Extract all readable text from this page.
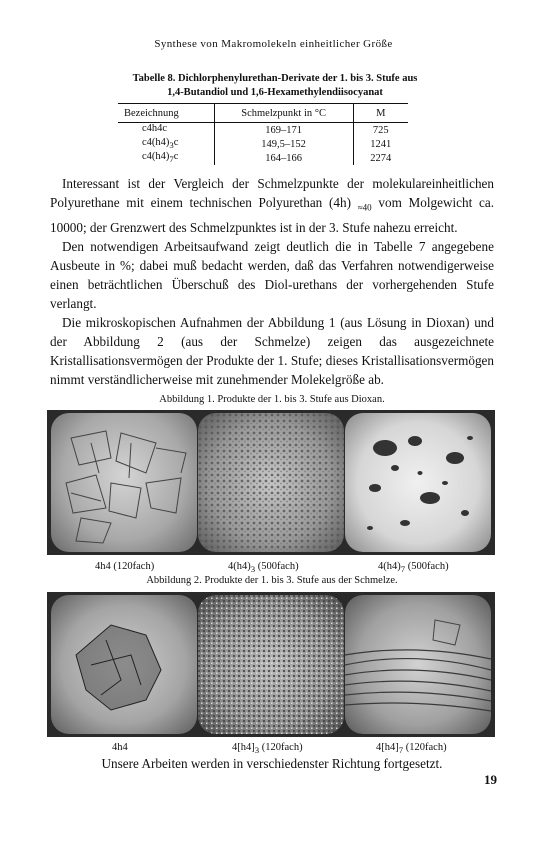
Synthese von Makromolekeln einheitlicher Größe
Tabelle 8. Dichlorphenylurethan-Derivate der 1. bis 3. Stufe aus
1,4-Butandiol und 1,6-Hexamethylendiisocyanat
Bezeichnung	Schmelzpunkt in °C	M
c4h4c	169–171	725
$c4(h4)_3c$	149,5–152	1241
$c4(h4)_7c$	164–166	2274

Interessant ist der Vergleich der Schmelzpunkte der molekulareinheitlichen Polyurethane mit einem technischen Polyurethan (4h) $_{\approx 40}$ vom Molgewicht ca. 10000; der Grenzwert des Schmelzpunktes ist in der 3. Stufe nahezu erreicht.

Den notwendigen Arbeitsaufwand zeigt deutlich die in Tabelle 7 angegebene Ausbeute in %; dabei muß bedacht werden, daß das Verfahren notwendigerweise einen beträchtlichen Überschuß des Diol-urethans der vorhergehenden Stufe verlangt.

Die mikroskopischen Aufnahmen der Abbildung 1 (aus Lösung in Dioxan) und der Abbildung 2 (aus der Schmelze) zeigen das ausgezeichnete Kristallisationsvermögen der Produkte der 1. Stufe; dieses Kristallisationsvermögen nimmt verständlicherweise mit zunehmender Molekelgröße ab.

Abbildung 1. Produkte der 1. bis 3. Stufe aus Dioxan.
4h4 (120fach)	$4(h4)_3$ (500fach)	$4(h4)_7$ (500fach)
Abbildung 2. Produkte der 1. bis 3. Stufe aus der Schmelze.
4h4	$4[h4]_3$ (120fach)	$4[h4]_7$ (120fach)
Unsere Arbeiten werden in verschiedenster Richtung fortgesetzt.
19
